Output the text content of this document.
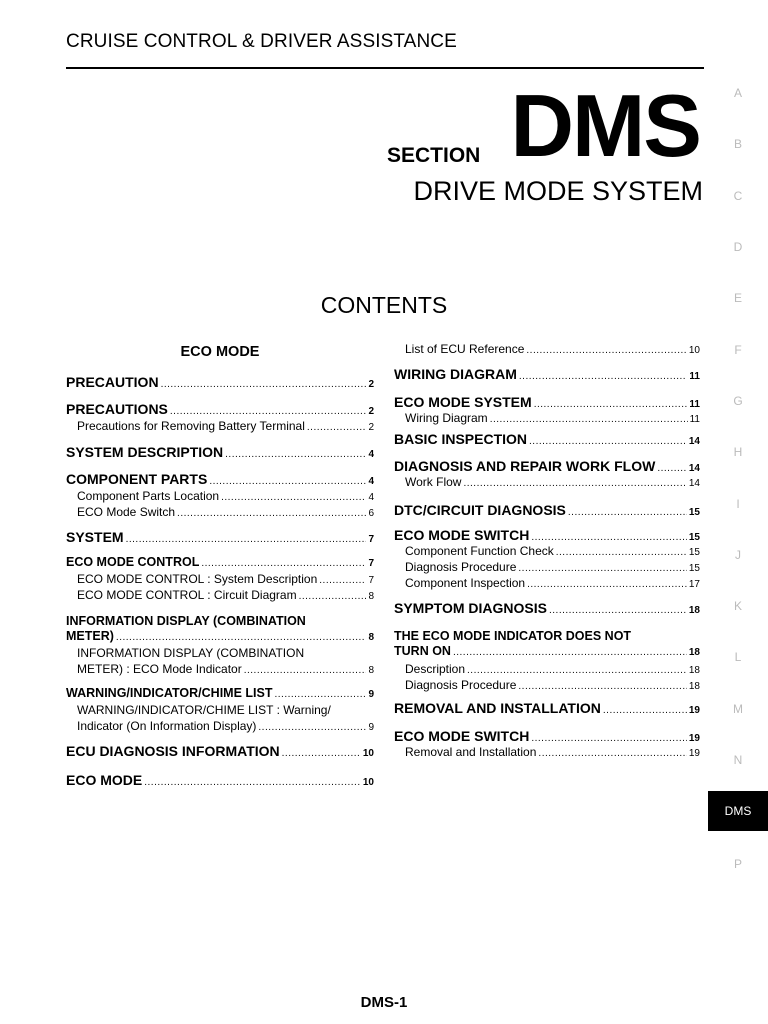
CRUISE CONTROL & DRIVER ASSISTANCE
SECTION DMS
DRIVE MODE SYSTEM
CONTENTS
ECO MODE
PRECAUTION .....	2
PRECAUTIONS .....	2
Precautions for Removing Battery Terminal .....	2
SYSTEM DESCRIPTION .....	4
COMPONENT PARTS .....	4
Component Parts Location .....	4
ECO Mode Switch .....	6
SYSTEM .....	7
ECO MODE CONTROL .....	7
ECO MODE CONTROL : System Description .....	7
ECO MODE CONTROL : Circuit Diagram .....	8
INFORMATION DISPLAY (COMBINATION
METER) .....	8
INFORMATION DISPLAY (COMBINATION
METER) : ECO Mode Indicator .....	8
WARNING/INDICATOR/CHIME LIST .....	9
WARNING/INDICATOR/CHIME LIST : Warning/
Indicator (On Information Display) .....	9
ECU DIAGNOSIS INFORMATION .....	10
ECO MODE .....	10
List of ECU Reference .....	10
WIRING DIAGRAM .....	11
ECO MODE SYSTEM .....	11
Wiring Diagram .....	11
BASIC INSPECTION .....	14
DIAGNOSIS AND REPAIR WORK FLOW .....	14
Work Flow .....	14
DTC/CIRCUIT DIAGNOSIS .....	15
ECO MODE SWITCH .....	15
Component Function Check .....	15
Diagnosis Procedure .....	15
Component Inspection .....	17
SYMPTOM DIAGNOSIS .....	18
THE ECO MODE INDICATOR DOES NOT
TURN ON .....	18
Description .....	18
Diagnosis Procedure .....	18
REMOVAL AND INSTALLATION .....	19
ECO MODE SWITCH .....	19
Removal and Installation .....	19
A
B
C
D
E
F
G
H
I
J
K
L
M
N
DMS
P
DMS-1
